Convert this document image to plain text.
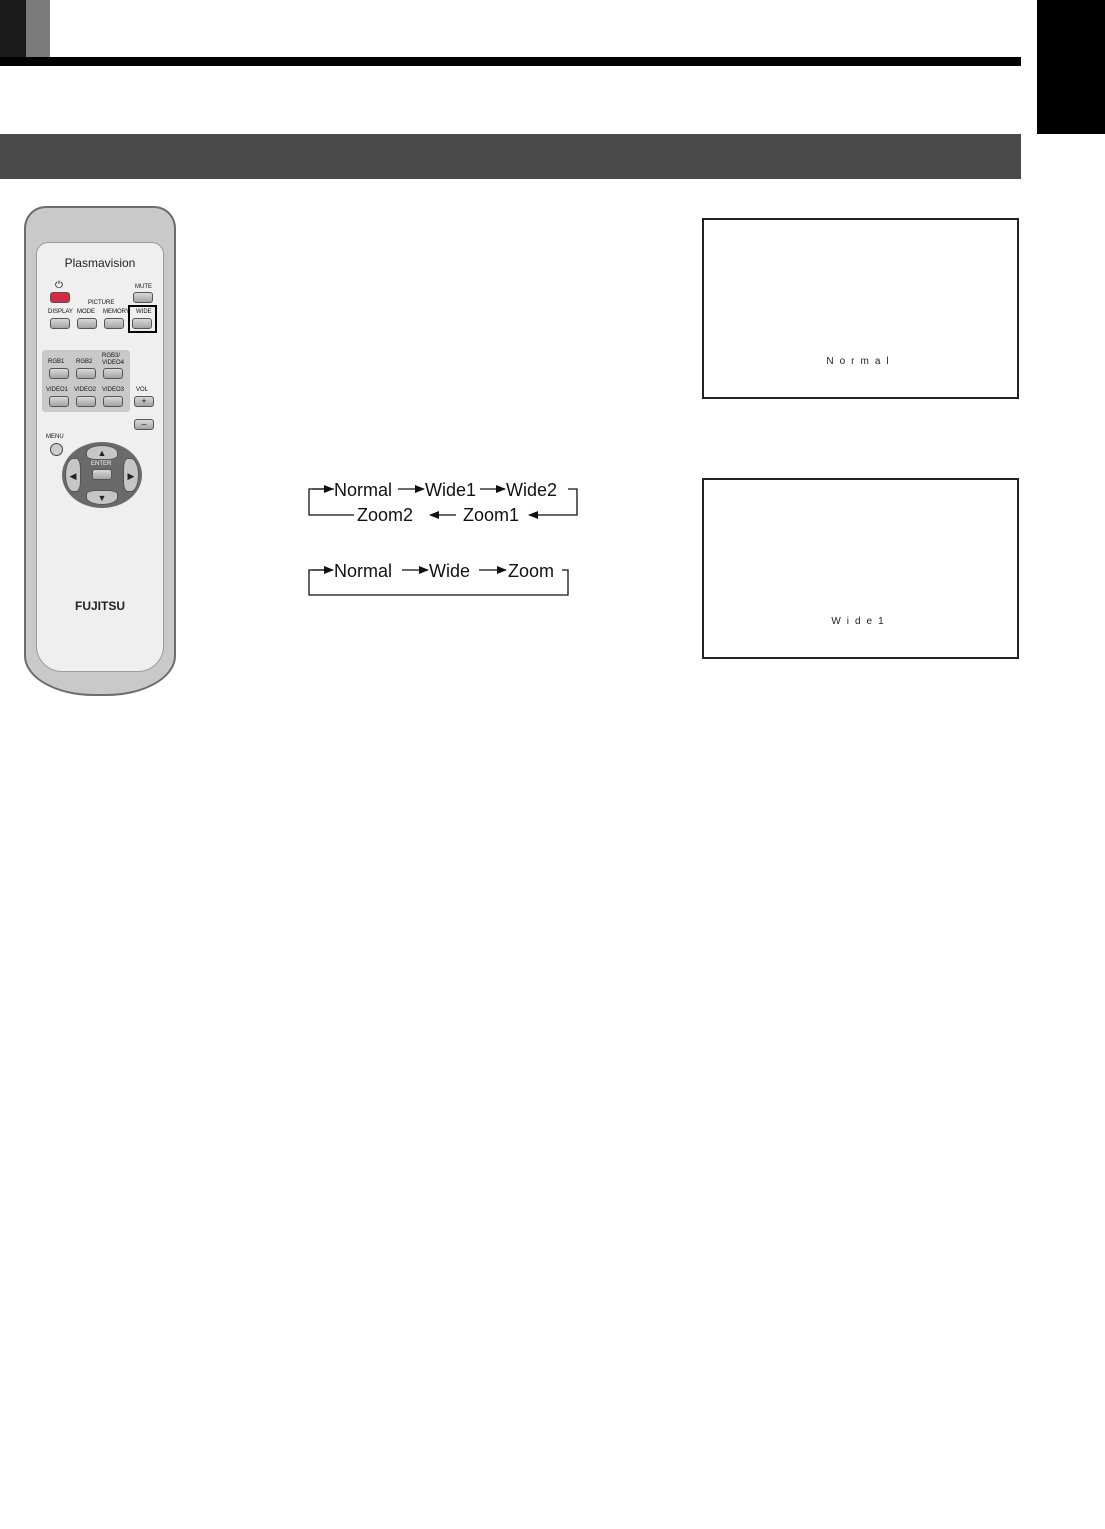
Plasmavision
⏻	MUTE
PICTURE
DISPLAY MODE MEMORY WIDE
RGB1 RGB2
RGB3/ VIDEO4
VIDEO1 VIDEO2 VIDEO3 VOL
+
–
MENU
▲
▼
◀	▶
ENTER
FUJITSU
Normal Wide1 Wide2
Zoom2	Zoom1
Normal Wide Zoom
Normal
Wide1
